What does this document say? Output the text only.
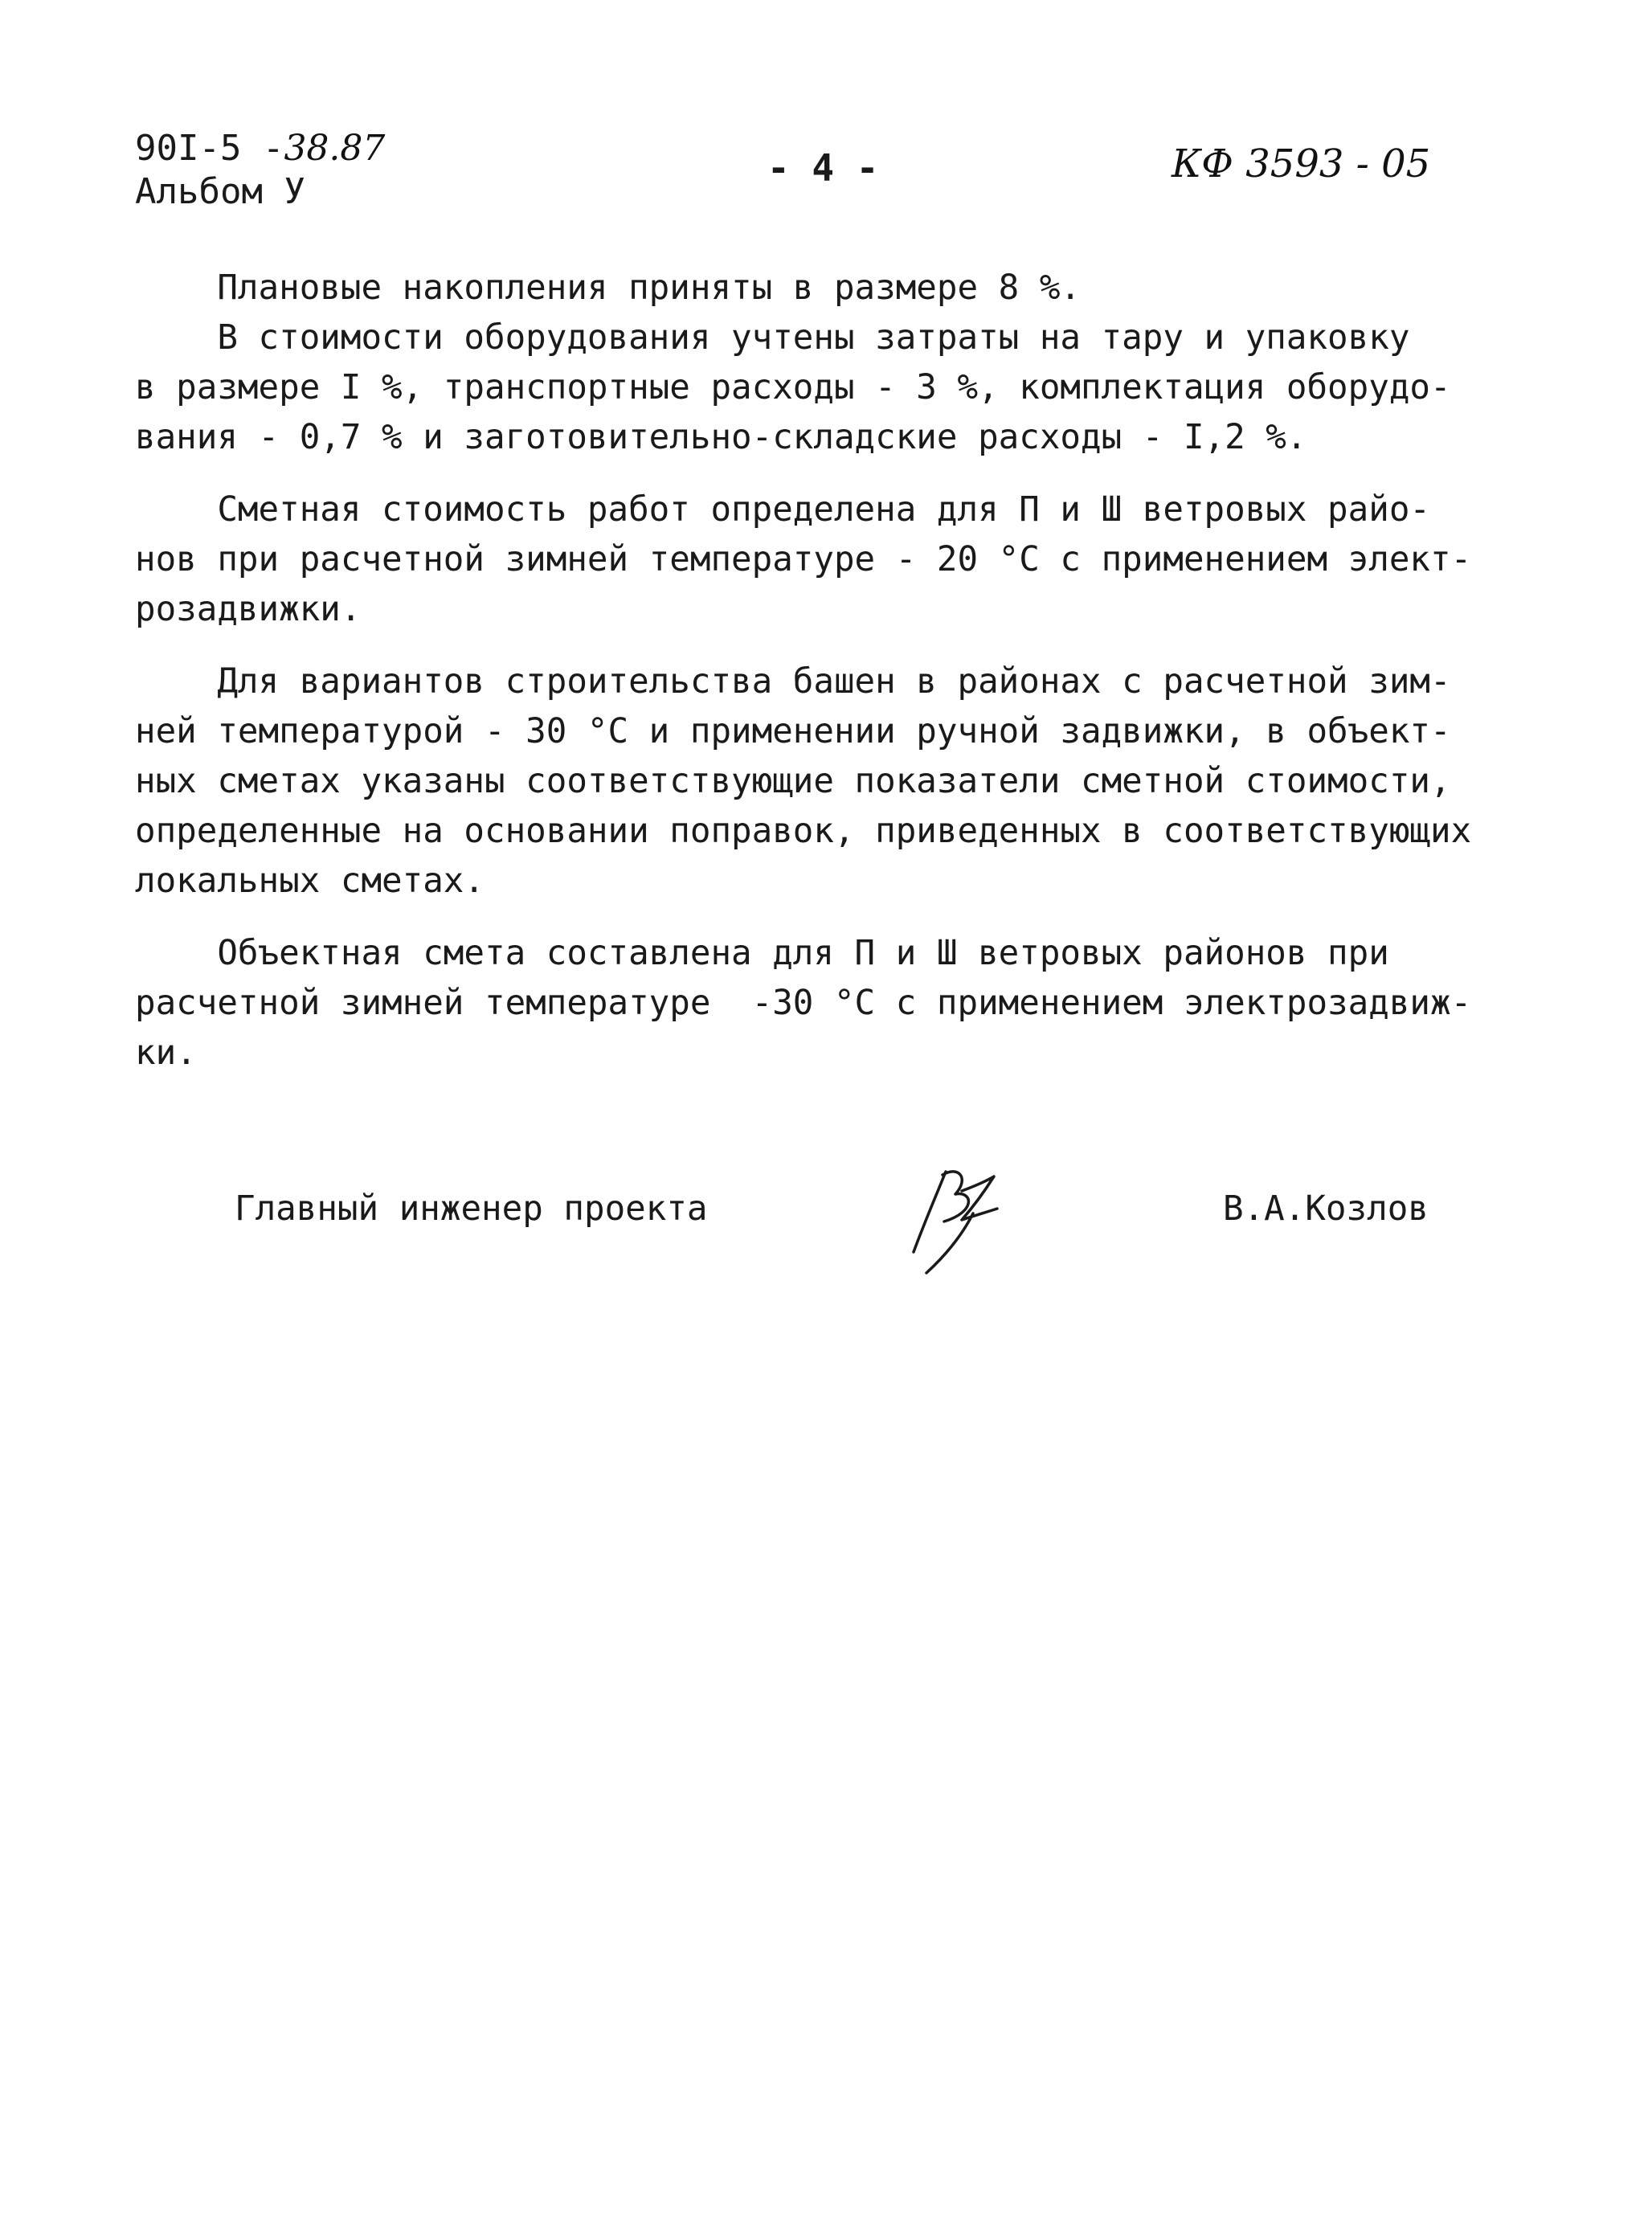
90I-5 -38.87
Альбом У
- 4 -	КФ 3593 - 05
Плановые накопления приняты в размере 8 %.
В стоимости оборудования учтены затраты на тару и упаковку
в размере I %, транспортные расходы - 3 %, комплектация оборудо-
вания - 0,7 % и заготовительно-складские расходы - I,2 %.
Сметная стоимость работ определена для П и Ш ветровых райо-
нов при расчетной зимней температуре - 20 °С с применением элект-
розадвижки.
Для вариантов строительства башен в районах с расчетной зим-
ней температурой - 30 °С и применении ручной задвижки, в объект-
ных сметах указаны соответствующие показатели сметной стоимости,
определенные на основании поправок, приведенных в соответствующих
локальных сметах.
Объектная смета составлена для П и Ш ветровых районов при
расчетной зимней температуре  -30 °С с применением электрозадвиж-
ки.
Главный инженер проекта	В.А.Козлов
